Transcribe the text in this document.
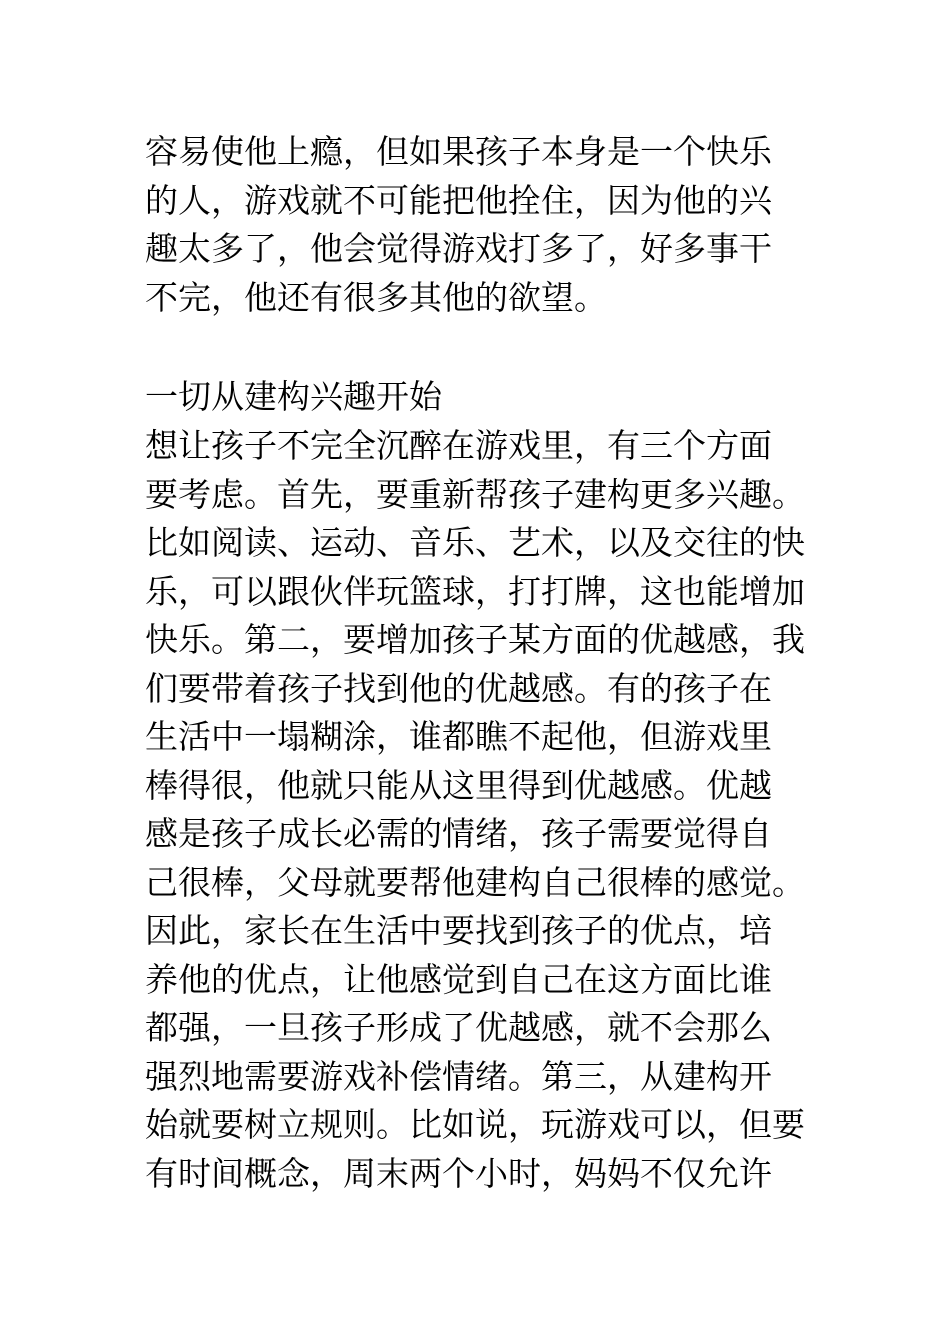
容易使他上瘾，但如果孩子本身是一个快乐
的人，游戏就不可能把他拴住，因为他的兴
趣太多了，他会觉得游戏打多了，好多事干
不完，他还有很多其他的欲望。
一切从建构兴趣开始
想让孩子不完全沉醉在游戏里，有三个方面
要考虑。首先，要重新帮孩子建构更多兴趣。
比如阅读、运动、音乐、艺术，以及交往的快
乐，可以跟伙伴玩篮球，打打牌，这也能增加
快乐。第二，要增加孩子某方面的优越感，我
们要带着孩子找到他的优越感。有的孩子在
生活中一塌糊涂，谁都瞧不起他，但游戏里
棒得很，他就只能从这里得到优越感。优越
感是孩子成长必需的情绪，孩子需要觉得自
己很棒，父母就要帮他建构自己很棒的感觉。
因此，家长在生活中要找到孩子的优点，培
养他的优点，让他感觉到自己在这方面比谁
都强，一旦孩子形成了优越感，就不会那么
强烈地需要游戏补偿情绪。第三，从建构开
始就要树立规则。比如说，玩游戏可以，但要
有时间概念，周末两个小时，妈妈不仅允许
